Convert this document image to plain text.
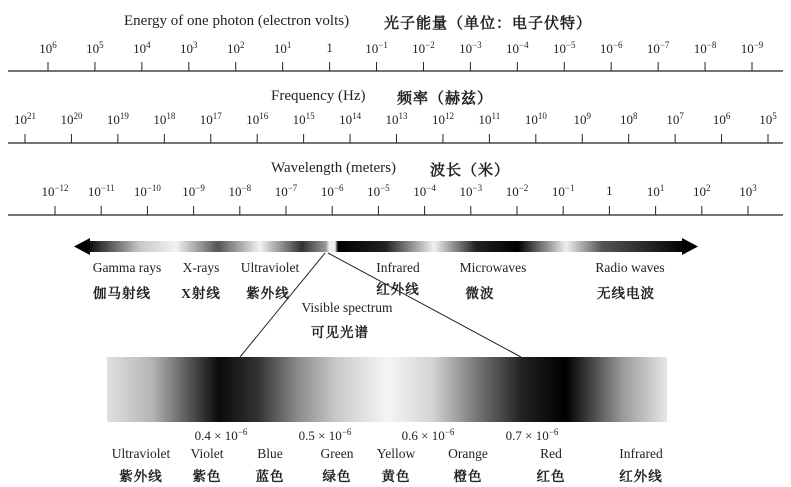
Energy of one photon (electron volts) 光子能量（单位：电子伏特）
Frequency (Hz) 频率（赫兹）
Wavelength (meters) 波长（米）
$10^6$ $10^5$ $10^4$ $10^3$ $10^2$ $10^1$	1 $10^{-1}$ $10^{-2}$ $10^{-3}$ $10^{-4}$ $10^{-5}$ $10^{-6}$ $10^{-7}$ $10^{-8}$ $10^{-9}$
$10^{21}$ $10^{20}$ $10^{19}$ $10^{18}$ $10^{17}$ $10^{16}$ $10^{15}$ $10^{14}$ $10^{13}$ $10^{12}$ $10^{11}$ $10^{10}$ $10^9$ $10^8$ $10^7$ $10^6$ $10^5$
$10^{-12}$ $10^{-11}$ $10^{-10}$ $10^{-9}$ $10^{-8}$ $10^{-7}$ $10^{-6}$ $10^{-5}$ $10^{-4}$ $10^{-3}$ $10^{-2}$ $10^{-1}$ 1	$10^1$ $10^2$ $10^3$
Gamma rays
伽马射线
X-rays
X射线
Ultraviolet
紫外线
Infrared
红外线
Microwaves
微波
Radio waves
无线电波
Visible spectrum
可见光谱
$0.4 \times 10^{-6}$	$0.5 \times 10^{-6}$	$0.6 \times 10^{-6}$	$0.7 \times 10^{-6}$
Ultraviolet
紫外线
Violet
紫色
Blue
蓝色
Green
绿色
Yellow
黄色
Orange
橙色
Red
红色
Infrared
红外线
